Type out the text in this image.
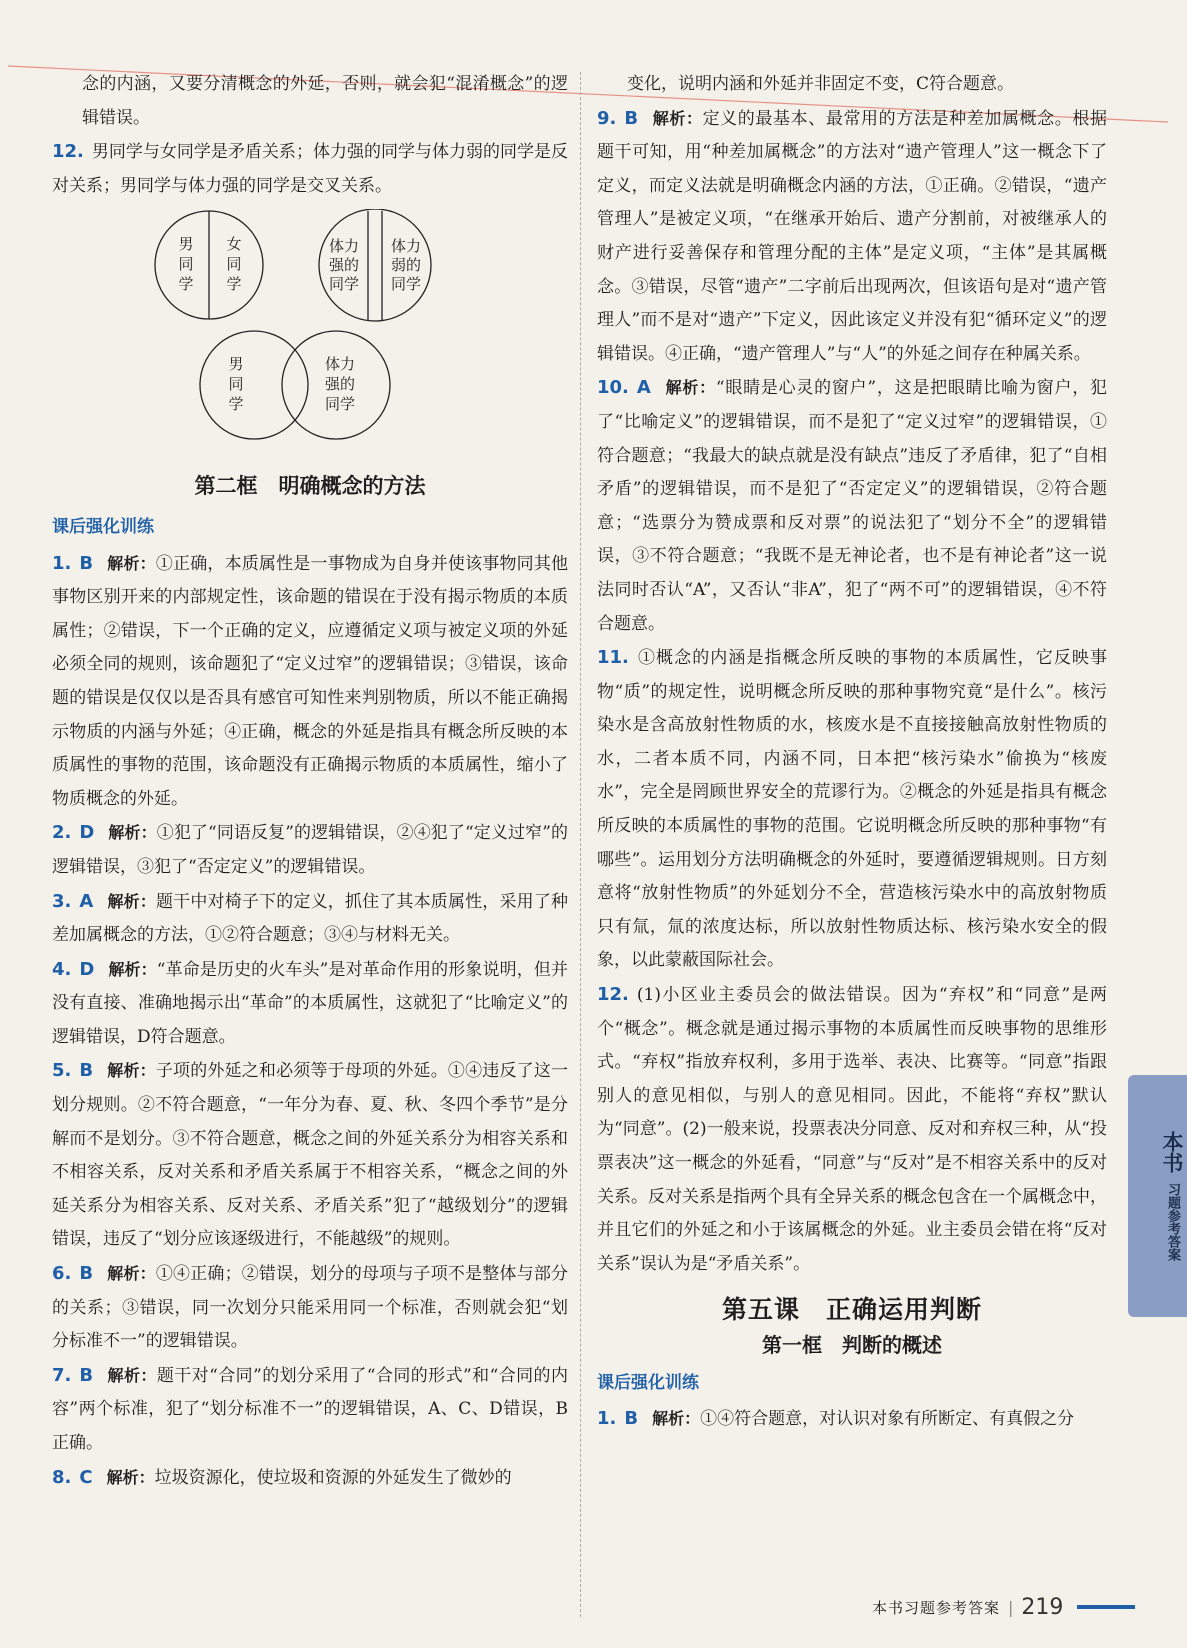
念的内涵，又要分清概念的外延，否则，就会犯“混淆概念”的逻辑错误。

12. 男同学与女同学是矛盾关系；体力强的同学与体力弱的同学是反对关系；男同学与体力强的同学是交叉关系。

男
同
学
女
同
学
体力
强的
同学
体力
弱的
同学
男
同
学
体力
强的
同学
第二框　明确概念的方法
课后强化训练

1. B 解析：①正确，本质属性是一事物成为自身并使该事物同其他事物区别开来的内部规定性，该命题的错误在于没有揭示物质的本质属性；②错误，下一个正确的定义，应遵循定义项与被定义项的外延必须全同的规则，该命题犯了“定义过窄”的逻辑错误；③错误，该命题的错误是仅仅以是否具有感官可知性来判别物质，所以不能正确揭示物质的内涵与外延；④正确，概念的外延是指具有概念所反映的本质属性的事物的范围，该命题没有正确揭示物质的本质属性，缩小了物质概念的外延。

2. D 解析：①犯了“同语反复”的逻辑错误，②④犯了“定义过窄”的逻辑错误，③犯了“否定定义”的逻辑错误。

3. A 解析：题干中对椅子下的定义，抓住了其本质属性，采用了种差加属概念的方法，①②符合题意；③④与材料无关。

4. D 解析：“革命是历史的火车头”是对革命作用的形象说明，但并没有直接、准确地揭示出“革命”的本质属性，这就犯了“比喻定义”的逻辑错误，D符合题意。

5. B 解析：子项的外延之和必须等于母项的外延。①④违反了这一划分规则。②不符合题意，“一年分为春、夏、秋、冬四个季节”是分解而不是划分。③不符合题意，概念之间的外延关系分为相容关系和不相容关系，反对关系和矛盾关系属于不相容关系，“概念之间的外延关系分为相容关系、反对关系、矛盾关系”犯了“越级划分”的逻辑错误，违反了“划分应该逐级进行，不能越级”的规则。

6. B 解析：①④正确；②错误，划分的母项与子项不是整体与部分的关系；③错误，同一次划分只能采用同一个标准，否则就会犯“划分标准不一”的逻辑错误。

7. B 解析：题干对“合同”的划分采用了“合同的形式”和“合同的内容”两个标准，犯了“划分标准不一”的逻辑错误，A、C、D错误，B正确。

8. C 解析：垃圾资源化，使垃圾和资源的外延发生了微妙的

变化，说明内涵和外延并非固定不变，C符合题意。

9. B 解析：定义的最基本、最常用的方法是种差加属概念。根据题干可知，用“种差加属概念”的方法对“遗产管理人”这一概念下了定义，而定义法就是明确概念内涵的方法，①正确。②错误，“遗产管理人”是被定义项，“在继承开始后、遗产分割前，对被继承人的财产进行妥善保存和管理分配的主体”是定义项，“主体”是其属概念。③错误，尽管“遗产”二字前后出现两次，但该语句是对“遗产管理人”而不是对“遗产”下定义，因此该定义并没有犯“循环定义”的逻辑错误。④正确，“遗产管理人”与“人”的外延之间存在种属关系。

10. A 解析：“眼睛是心灵的窗户”，这是把眼睛比喻为窗户，犯了“比喻定义”的逻辑错误，而不是犯了“定义过窄”的逻辑错误，①符合题意；“我最大的缺点就是没有缺点”违反了矛盾律，犯了“自相矛盾”的逻辑错误，而不是犯了“否定定义”的逻辑错误，②符合题意；“选票分为赞成票和反对票”的说法犯了“划分不全”的逻辑错误，③不符合题意；“我既不是无神论者，也不是有神论者”这一说法同时否认“A”，又否认“非A”，犯了“两不可”的逻辑错误，④不符合题意。

11. ①概念的内涵是指概念所反映的事物的本质属性，它反映事物“质”的规定性，说明概念所反映的那种事物究竟“是什么”。核污染水是含高放射性物质的水，核废水是不直接接触高放射性物质的水，二者本质不同，内涵不同，日本把“核污染水”偷换为“核废水”，完全是罔顾世界安全的荒谬行为。②概念的外延是指具有概念所反映的本质属性的事物的范围。它说明概念所反映的那种事物“有哪些”。运用划分方法明确概念的外延时，要遵循逻辑规则。日方刻意将“放射性物质”的外延划分不全，营造核污染水中的高放射物质只有氚，氚的浓度达标，所以放射性物质达标、核污染水安全的假象，以此蒙蔽国际社会。

12. (1)小区业主委员会的做法错误。因为“弃权”和“同意”是两个“概念”。概念就是通过揭示事物的本质属性而反映事物的思维形式。“弃权”指放弃权利，多用于选举、表决、比赛等。“同意”指跟别人的意见相似，与别人的意见相同。因此，不能将“弃权”默认为“同意”。(2)一般来说，投票表决分同意、反对和弃权三种，从“投票表决”这一概念的外延看，“同意”与“反对”是不相容关系中的反对关系。反对关系是指两个具有全异关系的概念包含在一个属概念中，并且它们的外延之和小于该属概念的外延。业主委员会错在将“反对关系”误认为是“矛盾关系”。

第五课　正确运用判断
第一框　判断的概述
课后强化训练

1. B 解析：①④符合题意，对认识对象有所断定、有真假之分

本书 习题参考答案
本书习题参考答案 | 219
